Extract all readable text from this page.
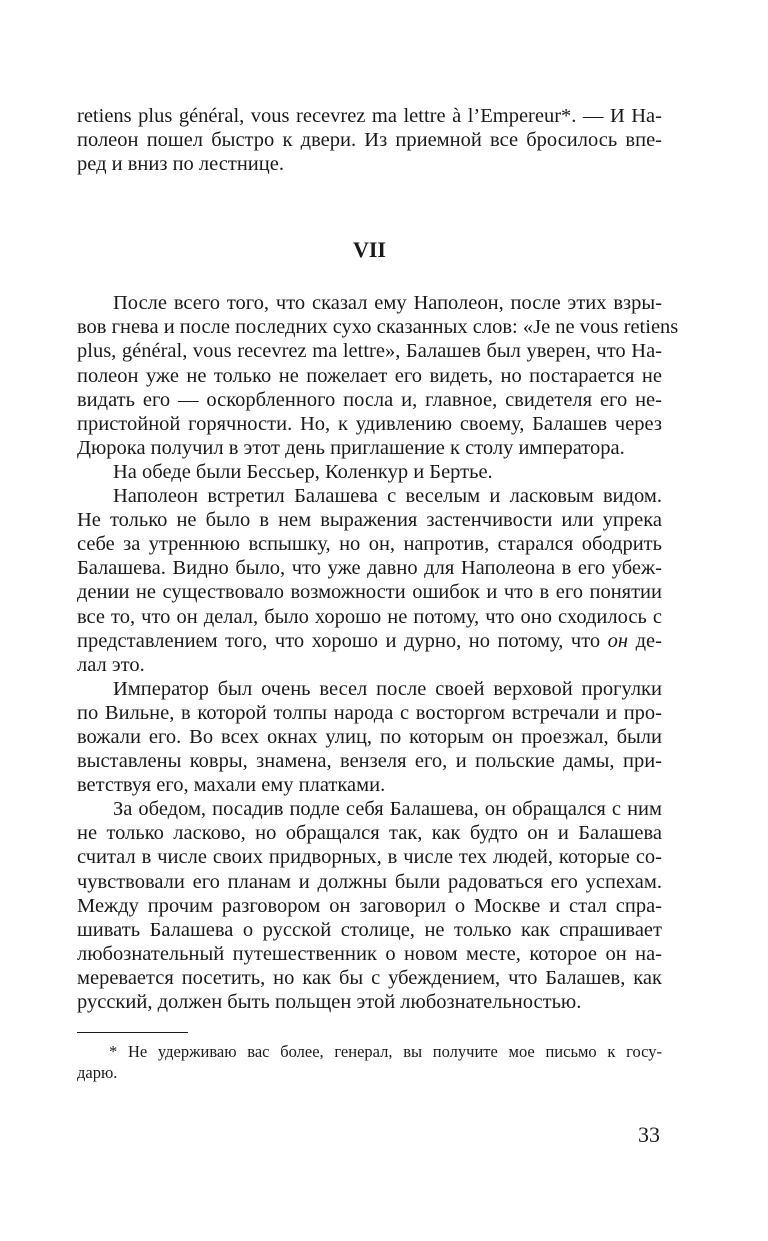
retiens plus général, vous recevrez ma lettre à l’Empereur*. — И На-
полеон пошел быстро к двери. Из приемной все бросилось впе-
ред и вниз по лестнице.
VII
После всего того, что сказал ему Наполеон, после этих взры-
вов гнева и после последних сухо сказанных слов: «Je ne vous retiens
plus, général, vous recevrez ma lettre», Балашев был уверен, что На-
полеон уже не только не пожелает его видеть, но постарается не
видать его — оскорбленного посла и, главное, свидетеля его не-
пристойной горячности. Но, к удивлению своему, Балашев через
Дюрока получил в этот день приглашение к столу императора.
На обеде были Бессьер, Коленкур и Бертье.
Наполеон встретил Балашева с веселым и ласковым видом.
Не только не было в нем выражения застенчивости или упрека
себе за утреннюю вспышку, но он, напротив, старался ободрить
Балашева. Видно было, что уже давно для Наполеона в его убеж-
дении не существовало возможности ошибок и что в его понятии
все то, что он делал, было хорошо не потому, что оно сходилось с
представлением того, что хорошо и дурно, но потому, что он де-
лал это.
Император был очень весел после своей верховой прогулки
по Вильне, в которой толпы народа с восторгом встречали и про-
вожали его. Во всех окнах улиц, по которым он проезжал, были
выставлены ковры, знамена, вензеля его, и польские дамы, при-
ветствуя его, махали ему платками.
За обедом, посадив подле себя Балашева, он обращался с ним
не только ласково, но обращался так, как будто он и Балашева
считал в числе своих придворных, в числе тех людей, которые со-
чувствовали его планам и должны были радоваться его успехам.
Между прочим разговором он заговорил о Москве и стал спра-
шивать Балашева о русской столице, не только как спрашивает
любознательный путешественник о новом месте, которое он на-
меревается посетить, но как бы с убеждением, что Балашев, как
русский, должен быть польщен этой любознательностью.
* Не удерживаю вас более, генерал, вы получите мое письмо к госу-
дарю.
33
